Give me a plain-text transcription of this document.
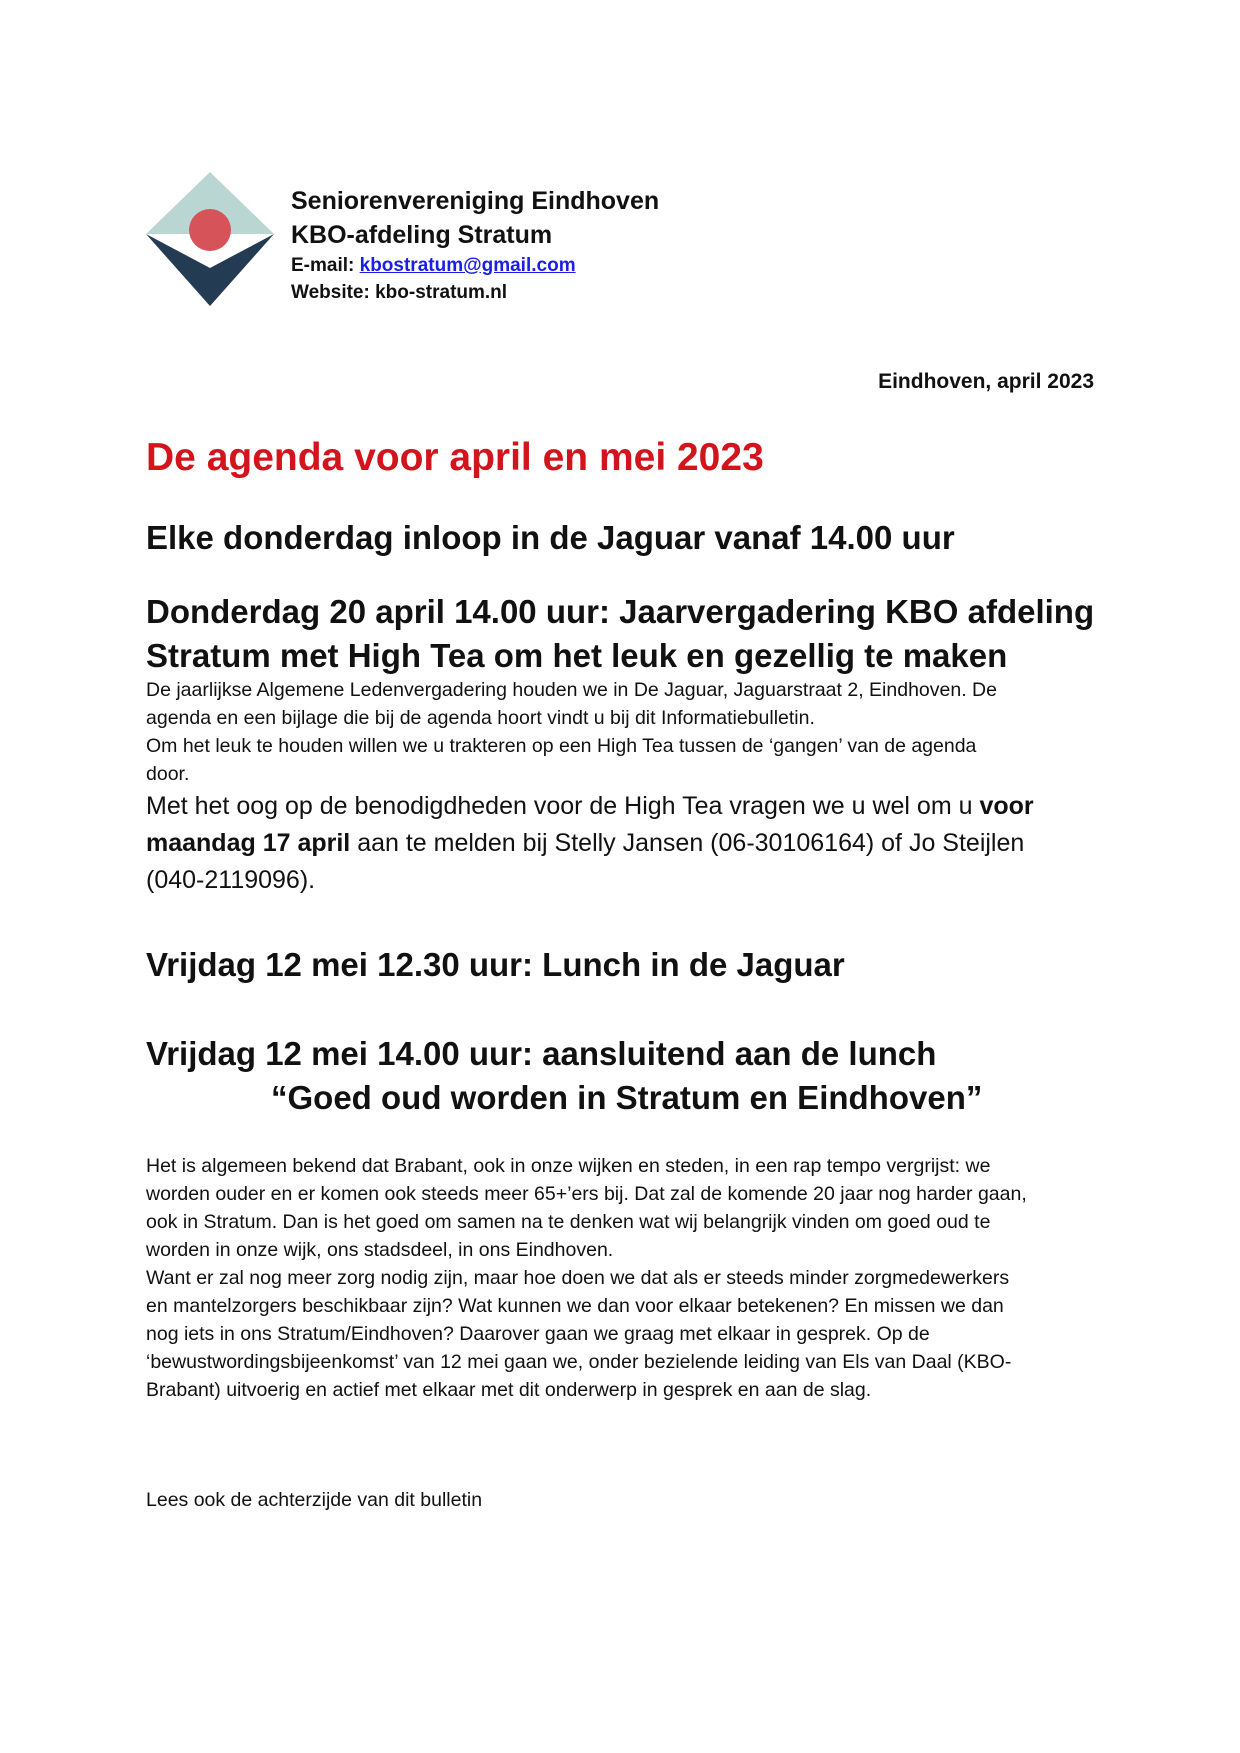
Seniorenvereniging Eindhoven
KBO-afdeling Stratum
E-mail: kbostratum@gmail.com
Website: kbo-stratum.nl
Eindhoven, april 2023
De agenda voor april en mei 2023
Elke donderdag inloop in de Jaguar vanaf 14.00 uur
Donderdag 20 april 14.00 uur: Jaarvergadering KBO afdeling
Stratum met High Tea om het leuk en gezellig te maken

De jaarlijkse Algemene Ledenvergadering houden we in De Jaguar, Jaguarstraat 2, Eindhoven. De
agenda en een bijlage die bij de agenda hoort vindt u bij dit Informatiebulletin.
Om het leuk te houden willen we u trakteren op een High Tea tussen de ‘gangen’ van de agenda
door.

Met het oog op de benodigdheden voor de High Tea vragen we u wel om u voor
maandag 17 april aan te melden bij Stelly Jansen (06-30106164) of Jo Steijlen
(040-2119096).

Vrijdag 12 mei 12.30 uur: Lunch in de Jaguar
Vrijdag 12 mei 14.00 uur: aansluitend aan de lunch
“Goed oud worden in Stratum en Eindhoven”

Het is algemeen bekend dat Brabant, ook in onze wijken en steden, in een rap tempo vergrijst: we
worden ouder en er komen ook steeds meer 65+’ers bij. Dat zal de komende 20 jaar nog harder gaan,
ook in Stratum. Dan is het goed om samen na te denken wat wij belangrijk vinden om goed oud te
worden in onze wijk, ons stadsdeel, in ons Eindhoven.
Want er zal nog meer zorg nodig zijn, maar hoe doen we dat als er steeds minder zorgmedewerkers
en mantelzorgers beschikbaar zijn? Wat kunnen we dan voor elkaar betekenen? En missen we dan
nog iets in ons Stratum/Eindhoven? Daarover gaan we graag met elkaar in gesprek. Op de
‘bewustwordingsbijeenkomst’ van 12 mei gaan we, onder bezielende leiding van Els van Daal (KBO-
Brabant) uitvoerig en actief met elkaar met dit onderwerp in gesprek en aan de slag.

Lees ook de achterzijde van dit bulletin
